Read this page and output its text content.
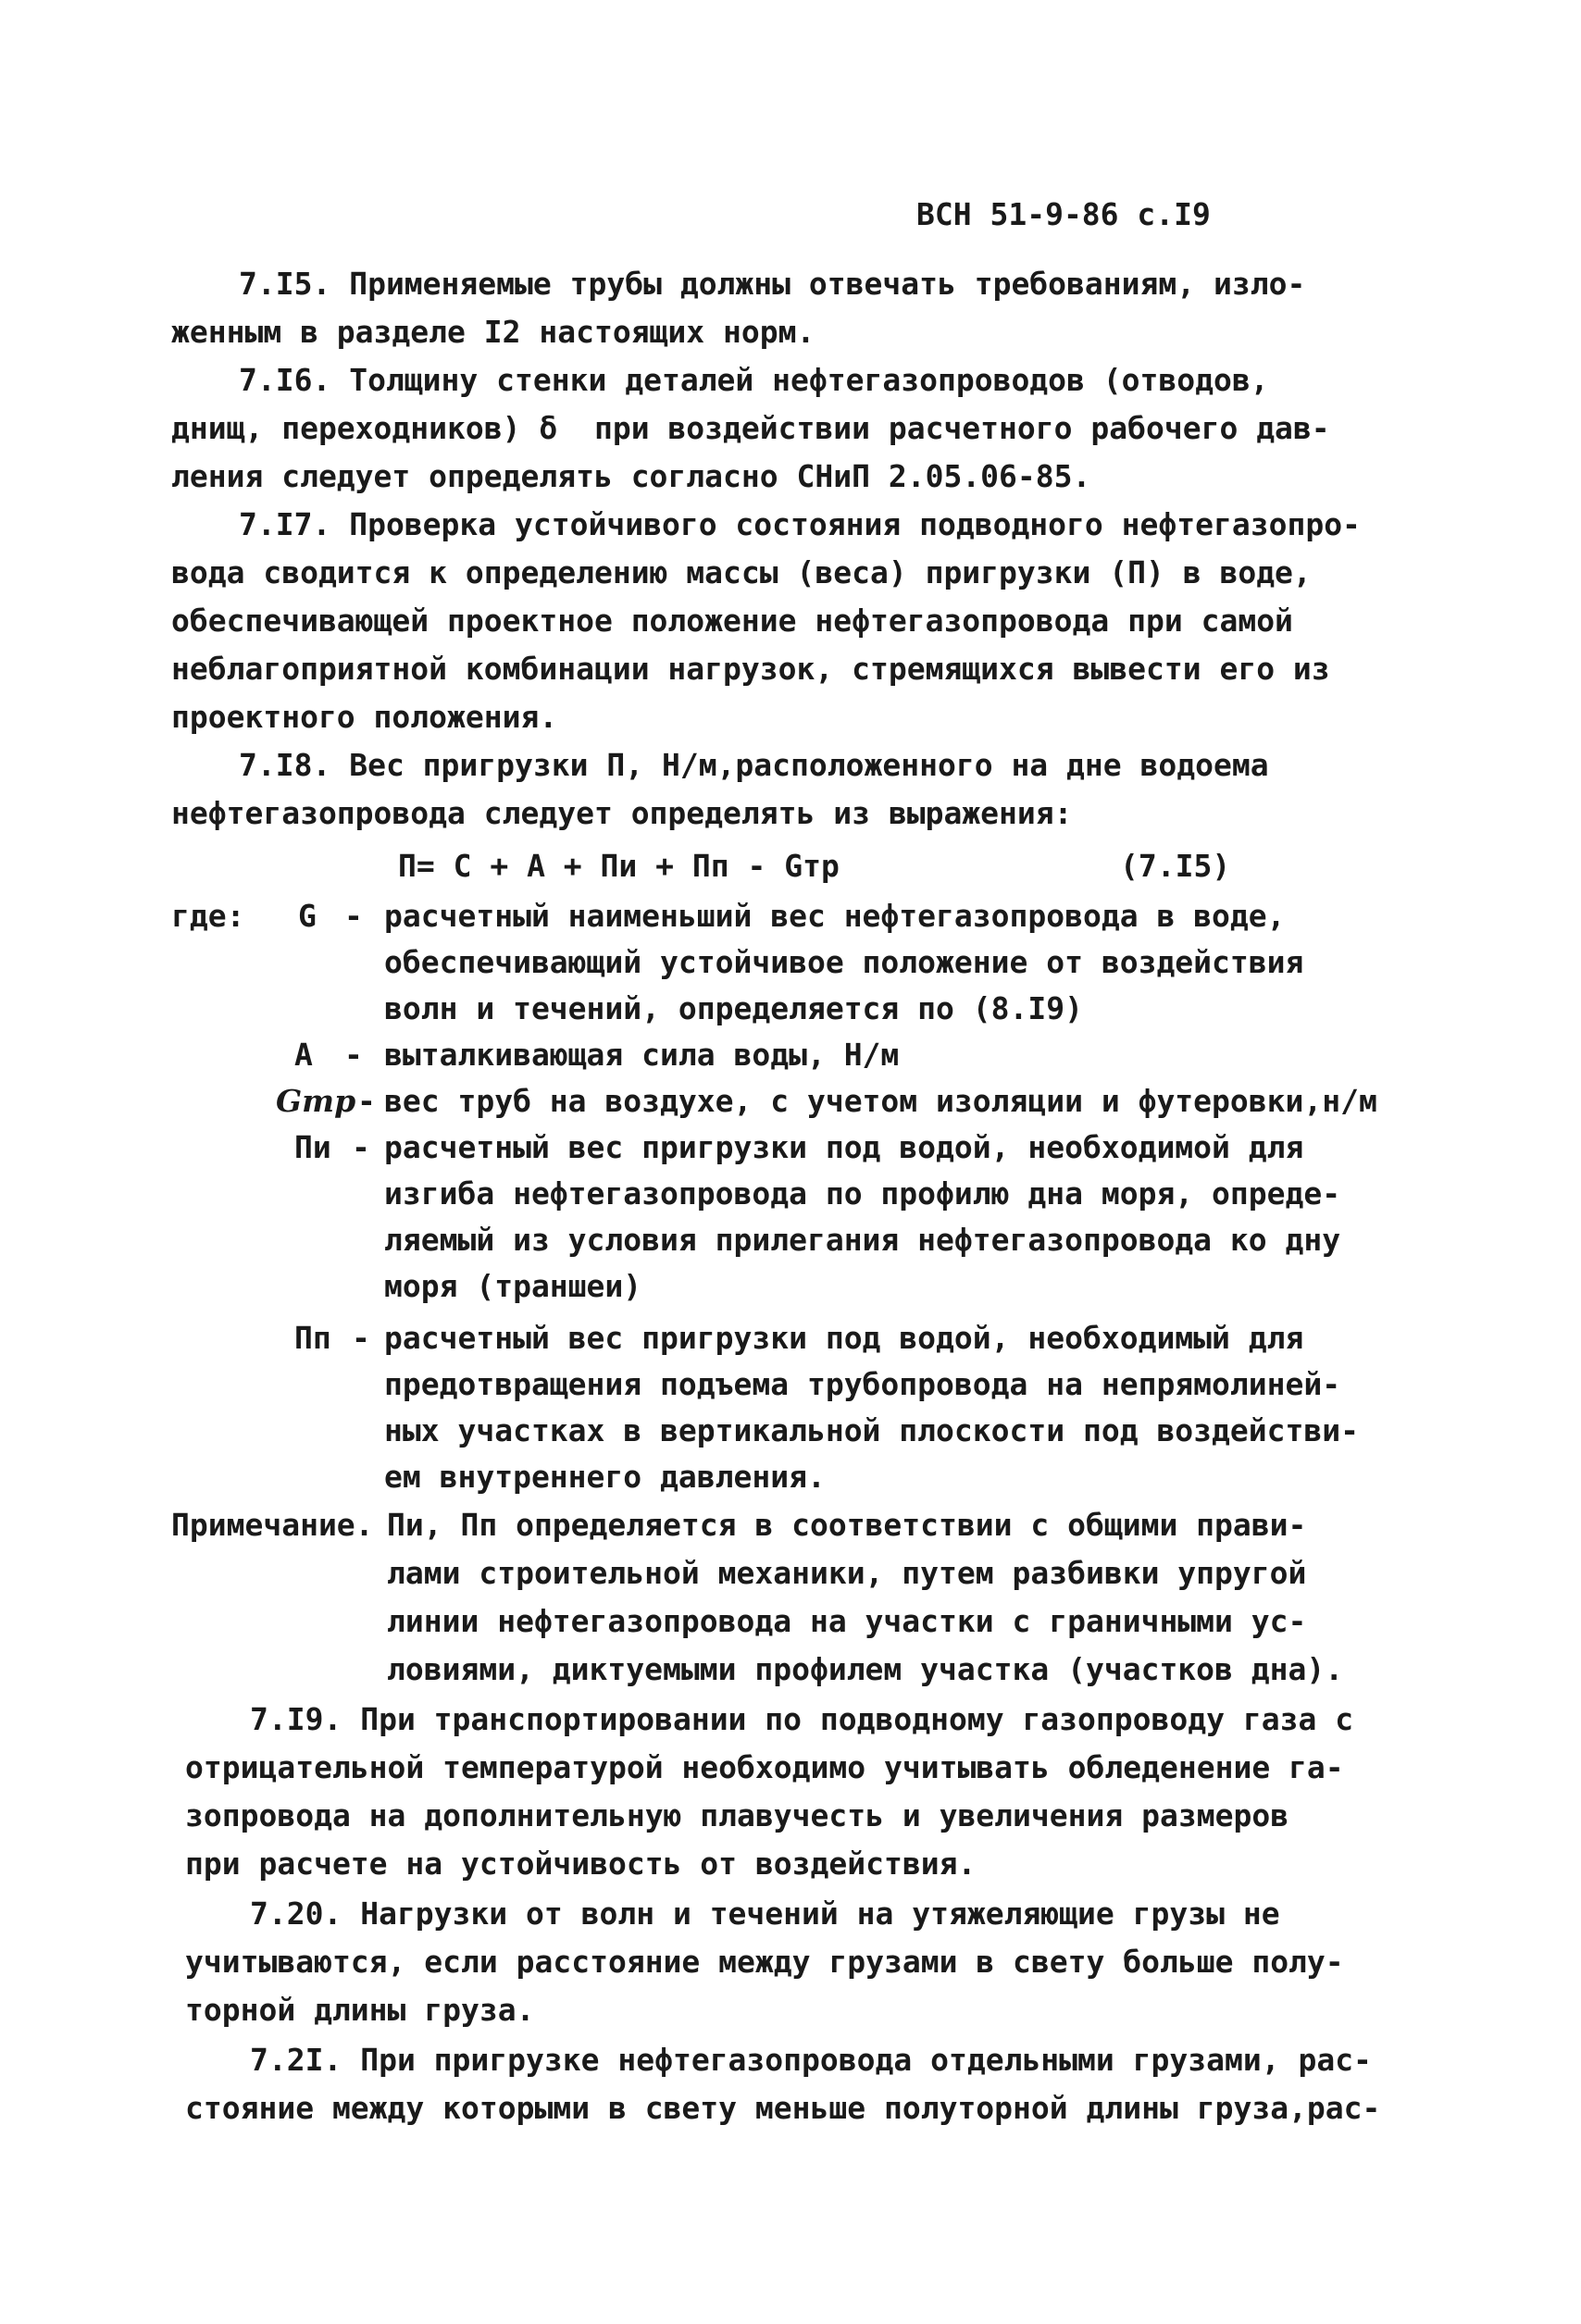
ВСН 51-9-86 с.I9
7.I5. Применяемые трубы должны отвечать требованиям, изло-
женным в разделе I2 настоящих норм.
7.I6. Толщину стенки деталей нефтегазопроводов (отводов,
днищ, переходников) δ  при воздействии расчетного рабочего дав-
ления следует определять согласно СНиП 2.05.06-85.
7.I7. Проверка устойчивого состояния подводного нефтегазопро-
вода сводится к определению массы (веса) пригрузки (П) в воде,
обеспечивающей проектное положение нефтегазопровода при самой
неблагоприятной комбинации нагрузок, стремящихся вывести его из
проектного положения.
7.I8. Вес пригрузки П, Н/м,расположенного на дне водоема
нефтегазопровода следует определять из выражения:
П= С + А + Пи + Пп - Gтр	(7.I5)
где: G - расчетный наименьший вес нефтегазопровода в воде,
обеспечивающий устойчивое положение от воздействия
волн и течений, определяется по (8.I9)
А - выталкивающая сила воды, Н/м
Gтр - вес труб на воздухе, с учетом изоляции и футеровки,н/м
Пи - расчетный вес пригрузки под водой, необходимой для
изгиба нефтегазопровода по профилю дна моря, опреде-
ляемый из условия прилегания нефтегазопровода ко дну
моря (траншеи)
Пп - расчетный вес пригрузки под водой, необходимый для
предотвращения подъема трубопровода на непрямолиней-
ных участках в вертикальной плоскости под воздействи-
ем внутреннего давления.
Примечание. Пи, Пп определяется в соответствии с общими прави-
лами строительной механики, путем разбивки упругой
линии нефтегазопровода на участки с граничными ус-
ловиями, диктуемыми профилем участка (участков дна).
7.I9. При транспортировании по подводному газопроводу газа с
отрицательной температурой необходимо учитывать обледенение га-
зопровода на дополнительную плавучесть и увеличения размеров
при расчете на устойчивость от воздействия.
7.20. Нагрузки от волн и течений на утяжеляющие грузы не
учитываются, если расстояние между грузами в свету больше полу-
торной длины груза.
7.2I. При пригрузке нефтегазопровода отдельными грузами, рас-
стояние между которыми в свету меньше полуторной длины груза,рас-
